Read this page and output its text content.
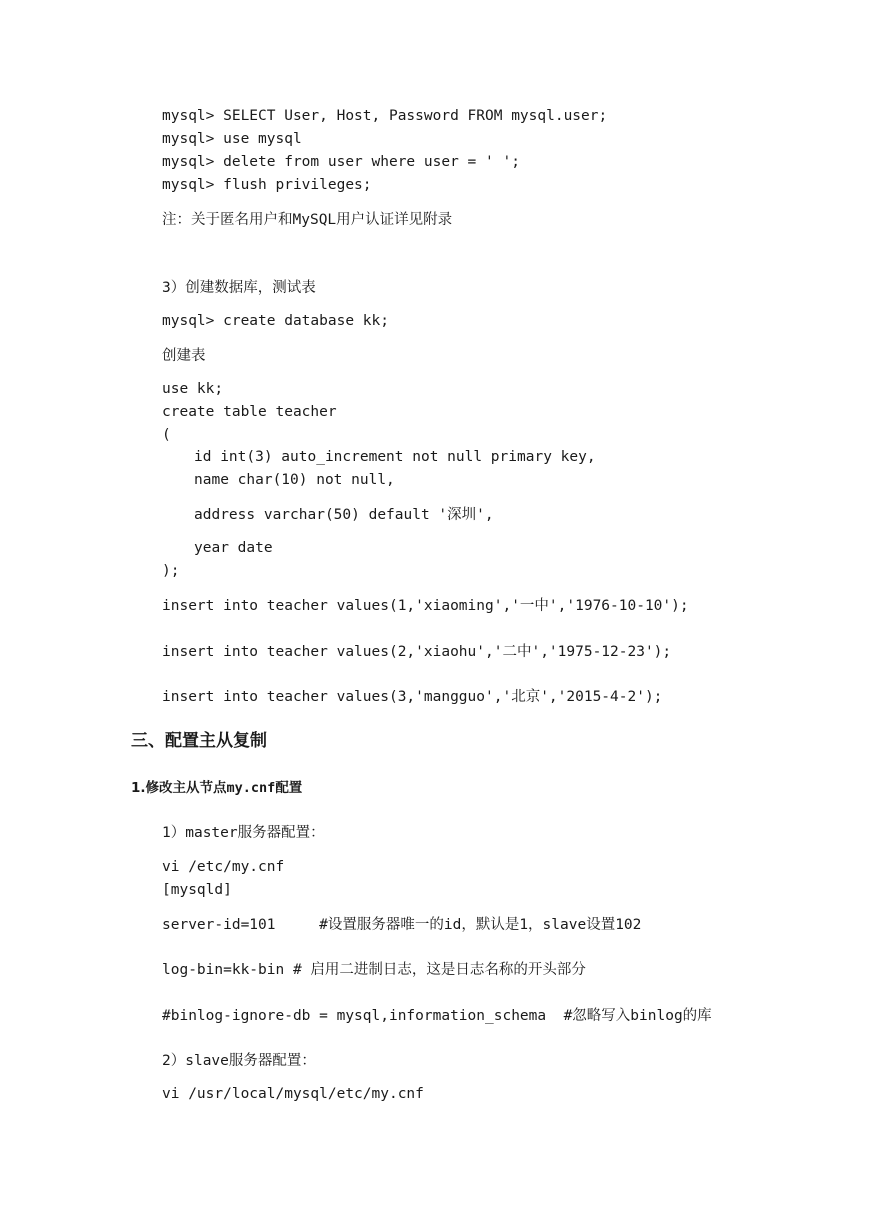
mysql> SELECT User, Host, Password FROM mysql.user;
mysql> use mysql
mysql> delete from user where user = ' ';
mysql> flush privileges;
注：关于匿名用户和MySQL用户认证详见附录
3）创建数据库，测试表
mysql> create database kk;
创建表
use kk;
create table teacher
(
id int(3) auto_increment not null primary key,
name char(10) not null,
address varchar(50) default '深圳',
year date
);
insert into teacher values(1,'xiaoming','一中','1976-10-10');
insert into teacher values(2,'xiaohu','二中','1975-12-23');
insert into teacher values(3,'mangguo','北京','2015-4-2');
三、配置主从复制
1.修改主从节点my.cnf配置
1）master服务器配置：
vi /etc/my.cnf
[mysqld]
server-id=101     #设置服务器唯一的id，默认是1，slave设置102
log-bin=kk-bin # 启用二进制日志，这是日志名称的开头部分
#binlog-ignore-db = mysql,information_schema  #忽略写入binlog的库
2）slave服务器配置：
vi /usr/local/mysql/etc/my.cnf
